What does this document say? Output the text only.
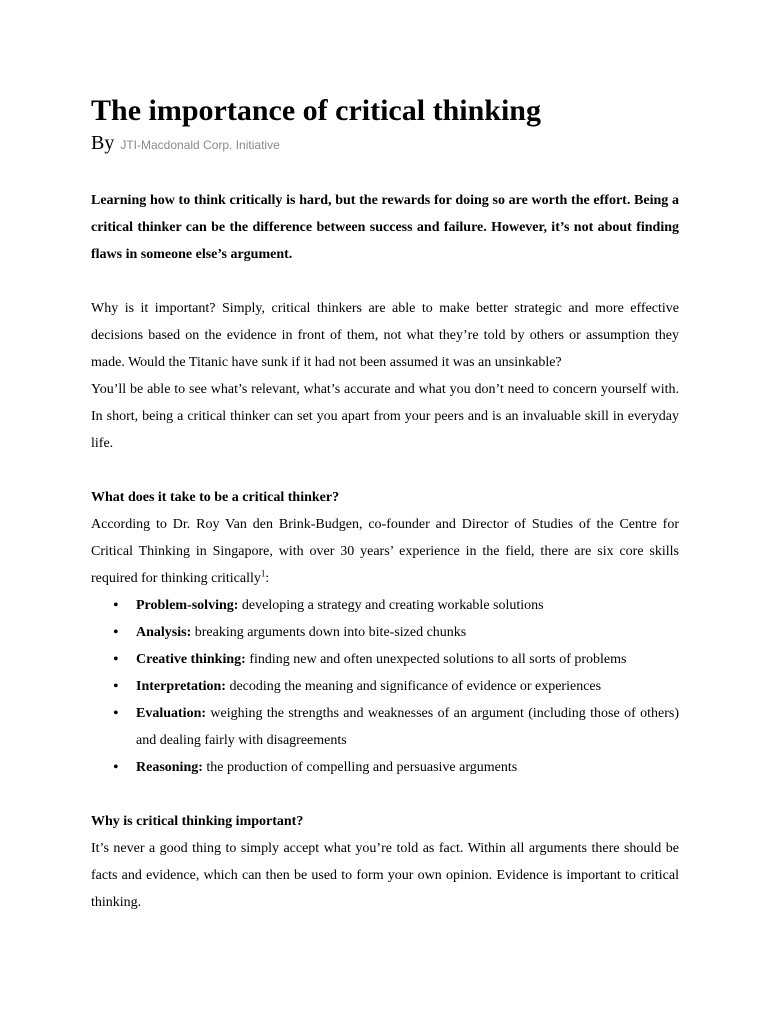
The importance of critical thinking
By JTI-Macdonald Corp. Initiative

Learning how to think critically is hard, but the rewards for doing so are worth the effort. Being a critical thinker can be the difference between success and failure. However, it’s not about finding flaws in someone else’s argument.

Why is it important? Simply, critical thinkers are able to make better strategic and more effective decisions based on the evidence in front of them, not what they’re told by others or assumption they made. Would the Titanic have sunk if it had not been assumed it was an unsinkable?

You’ll be able to see what’s relevant, what’s accurate and what you don’t need to concern yourself with. In short, being a critical thinker can set you apart from your peers and is an invaluable skill in everyday life.

What does it take to be a critical thinker?

According to Dr. Roy Van den Brink-Budgen, co-founder and Director of Studies of the Centre for Critical Thinking in Singapore, with over 30 years’ experience in the field, there are six core skills required for thinking critically$^1$:

• Problem-solving: developing a strategy and creating workable solutions
• Analysis: breaking arguments down into bite-sized chunks
• Creative thinking: finding new and often unexpected solutions to all sorts of problems
• Interpretation: decoding the meaning and significance of evidence or experiences
• Evaluation: weighing the strengths and weaknesses of an argument (including those of others) and dealing fairly with disagreements
• Reasoning: the production of compelling and persuasive arguments
Why is critical thinking important?

It’s never a good thing to simply accept what you’re told as fact. Within all arguments there should be facts and evidence, which can then be used to form your own opinion. Evidence is important to critical thinking.
